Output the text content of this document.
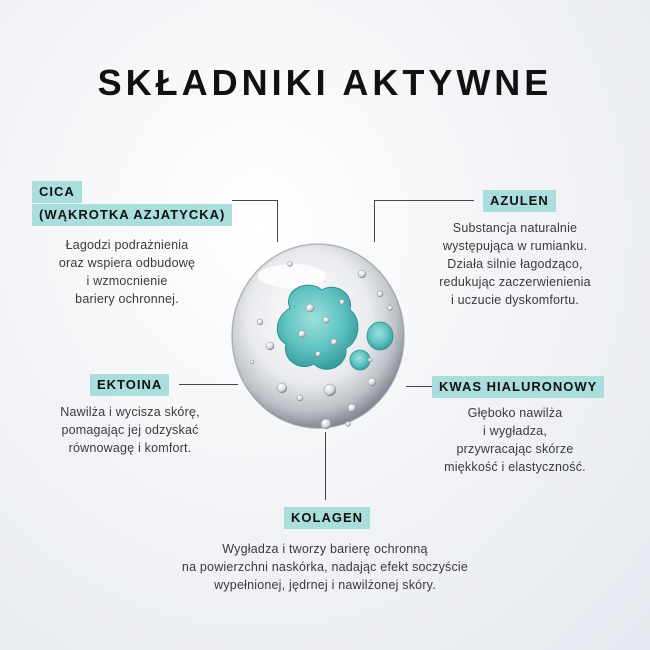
SKŁADNIKI AKTYWNE
CICA
(WĄKROTKA AZJATYCKA)
Łagodzi podrażnienia
oraz wspiera odbudowę
i wzmocnienie
bariery ochronnej.
AZULEN
Substancja naturalnie
występująca w rumianku.
Działa silnie łagodząco,
redukując zaczerwienienia
i uczucie dyskomfortu.
EKTOINA
Nawilża i wycisza skórę,
pomagając jej odzyskać
równowagę i komfort.
KWAS HIALURONOWY
Głęboko nawilża
i wygładza,
przywracając skórze
miękkość i elastyczność.
KOLAGEN
Wygładza i tworzy barierę ochronną
na powierzchni naskórka, nadając efekt soczyście
wypełnionej, jędrnej i nawilżonej skóry.
